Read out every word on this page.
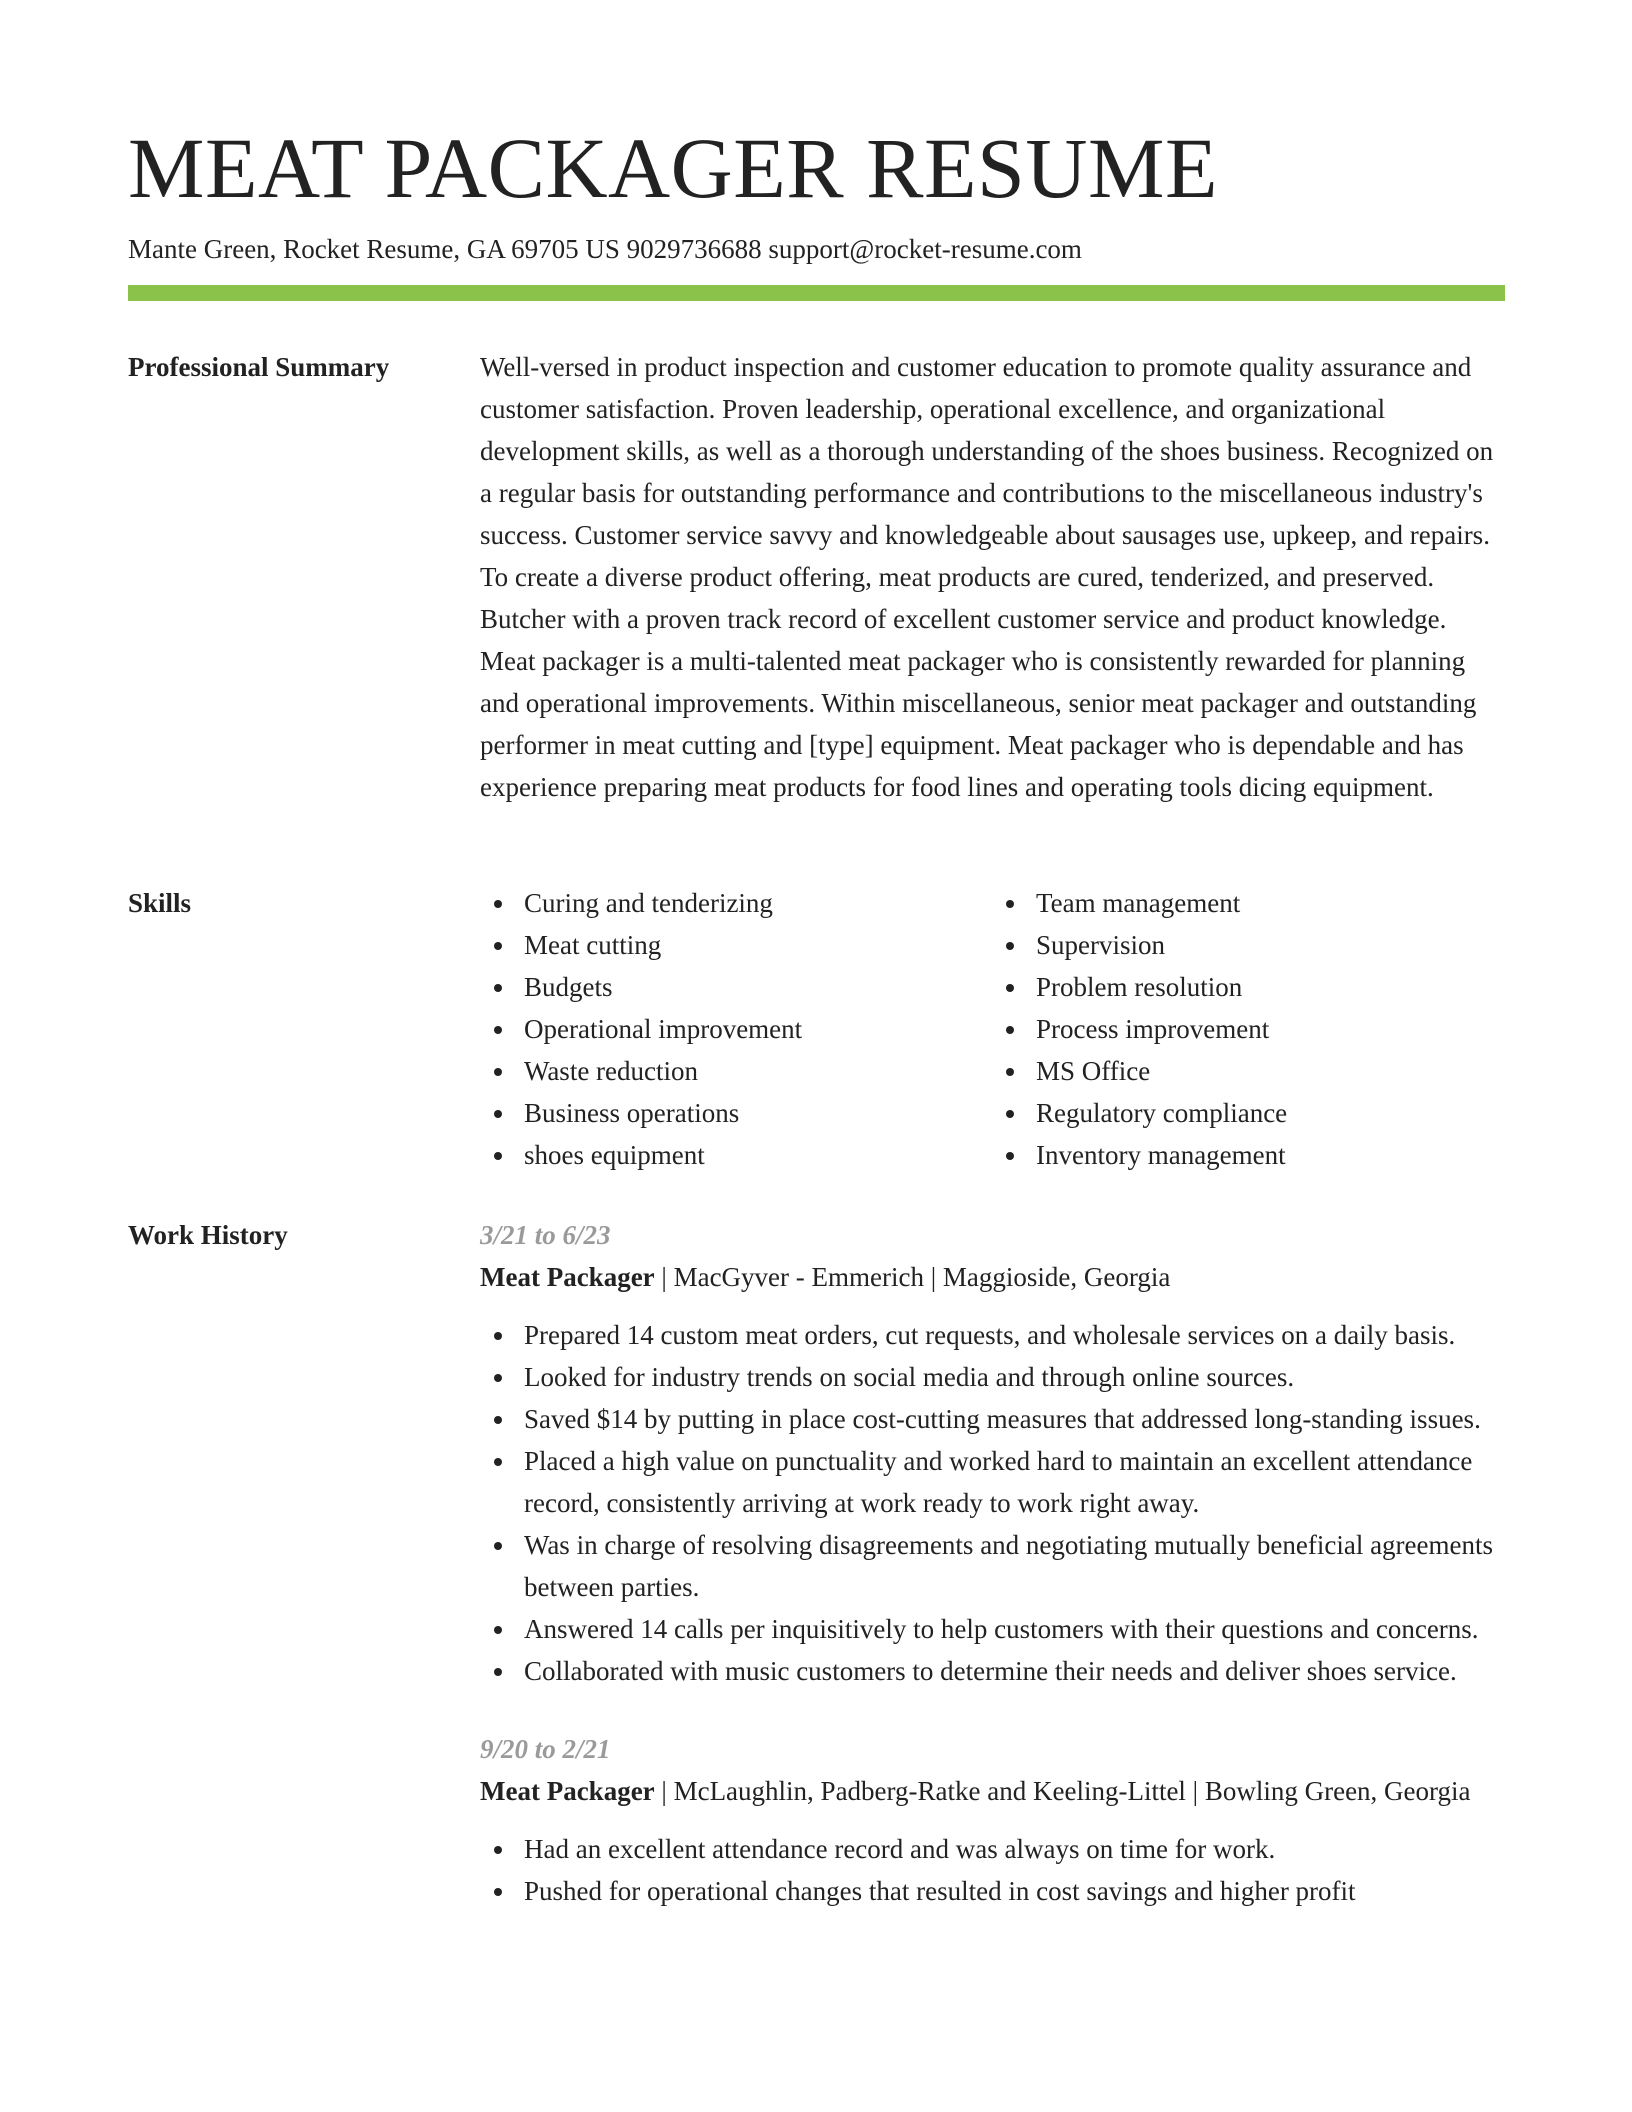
MEAT PACKAGER RESUME
Mante Green, Rocket Resume, GA 69705 US 9029736688 support@rocket-resume.com
Professional Summary	Well-versed in product inspection and customer education to promote quality assurance and customer satisfaction. Proven leadership, operational excellence, and organizational development skills, as well as a thorough understanding of the shoes business. Recognized on a regular basis for outstanding performance and contributions to the miscellaneous industry's success. Customer service savvy and knowledgeable about sausages use, upkeep, and repairs. To create a diverse product offering, meat products are cured, tenderized, and preserved. Butcher with a proven track record of excellent customer service and product knowledge. Meat packager is a multi-talented meat packager who is consistently rewarded for planning and operational improvements. Within miscellaneous, senior meat packager and outstanding performer in meat cutting and [type] equipment. Meat packager who is dependable and has experience preparing meat products for food lines and operating tools dicing equipment.

Skills	Curing and tenderizing
Meat cutting
Budgets
Operational improvement
Waste reduction
Business operations
shoes equipment
Team management
Supervision
Problem resolution
Process improvement
MS Office
Regulatory compliance
Inventory management
Work History	3/21 to 6/23

Meat Packager | MacGyver - Emmerich | Maggioside, Georgia

Prepared 14 custom meat orders, cut requests, and wholesale services on a daily basis.
Looked for industry trends on social media and through online sources.
Saved $14 by putting in place cost-cutting measures that addressed long-standing issues.
Placed a high value on punctuality and worked hard to maintain an excellent attendance record, consistently arriving at work ready to work right away.
Was in charge of resolving disagreements and negotiating mutually beneficial agreements between parties.
Answered 14 calls per inquisitively to help customers with their questions and concerns.
Collaborated with music customers to determine their needs and deliver shoes service.
9/20 to 2/21

Meat Packager | McLaughlin, Padberg-Ratke and Keeling-Littel | Bowling Green, Georgia

Had an excellent attendance record and was always on time for work.
Pushed for operational changes that resulted in cost savings and higher profit
